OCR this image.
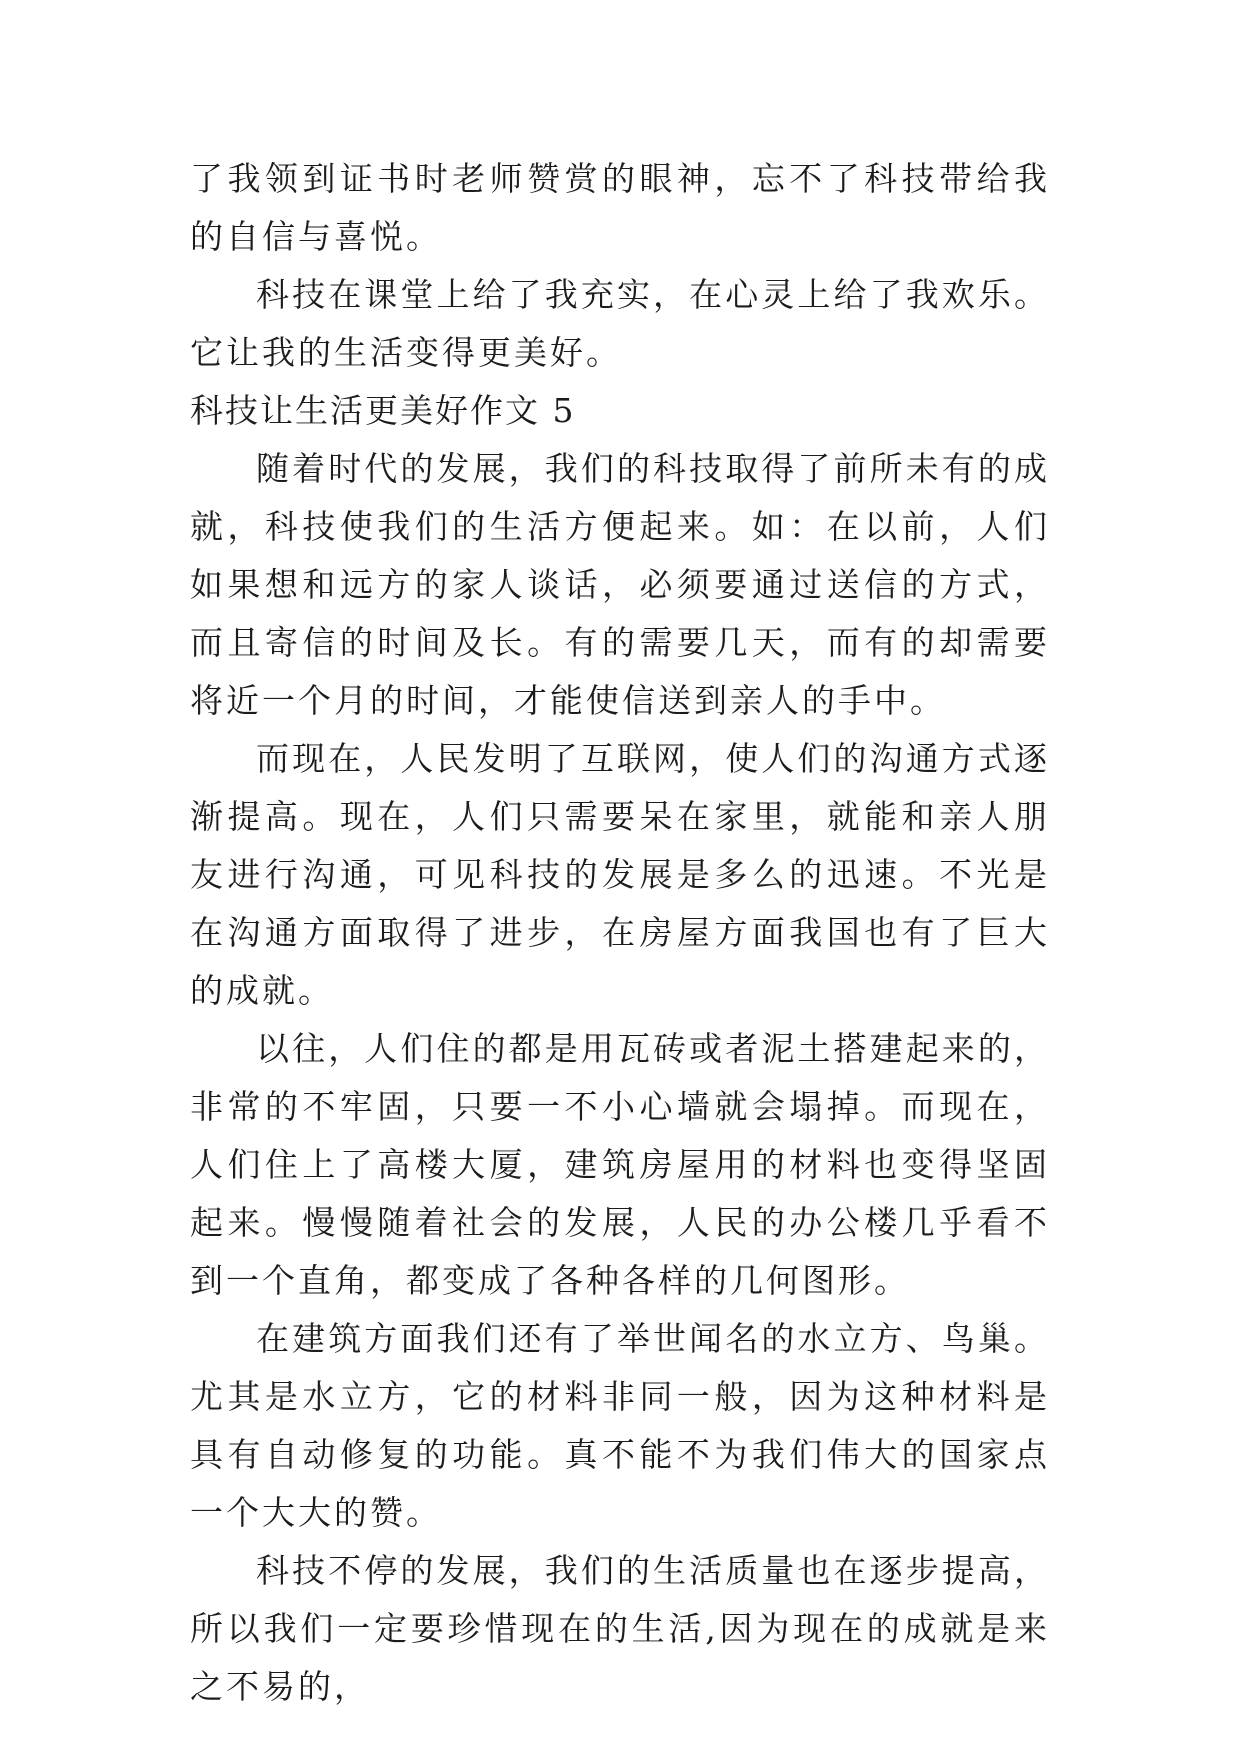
了我领到证书时老师赞赏的眼神，忘不了科技带给我的自信与喜悦。

科技在课堂上给了我充实，在心灵上给了我欢乐。它让我的生活变得更美好。

科技让生活更美好作文 5

随着时代的发展，我们的科技取得了前所未有的成就，科技使我们的生活方便起来。如：在以前，人们如果想和远方的家人谈话，必须要通过送信的方式，而且寄信的时间及长。有的需要几天，而有的却需要将近一个月的时间，才能使信送到亲人的手中。

而现在，人民发明了互联网，使人们的沟通方式逐渐提高。现在，人们只需要呆在家里，就能和亲人朋友进行沟通，可见科技的发展是多么的迅速。不光是在沟通方面取得了进步，在房屋方面我国也有了巨大的成就。

以往，人们住的都是用瓦砖或者泥土搭建起来的，非常的不牢固，只要一不小心墙就会塌掉。而现在，人们住上了高楼大厦，建筑房屋用的材料也变得坚固起来。慢慢随着社会的发展，人民的办公楼几乎看不到一个直角，都变成了各种各样的几何图形。

在建筑方面我们还有了举世闻名的水立方、鸟巢。尤其是水立方，它的材料非同一般，因为这种材料是具有自动修复的功能。真不能不为我们伟大的国家点一个大大的赞。

科技不停的发展，我们的生活质量也在逐步提高，所以我们一定要珍惜现在的生活,因为现在的成就是来之不易的，
